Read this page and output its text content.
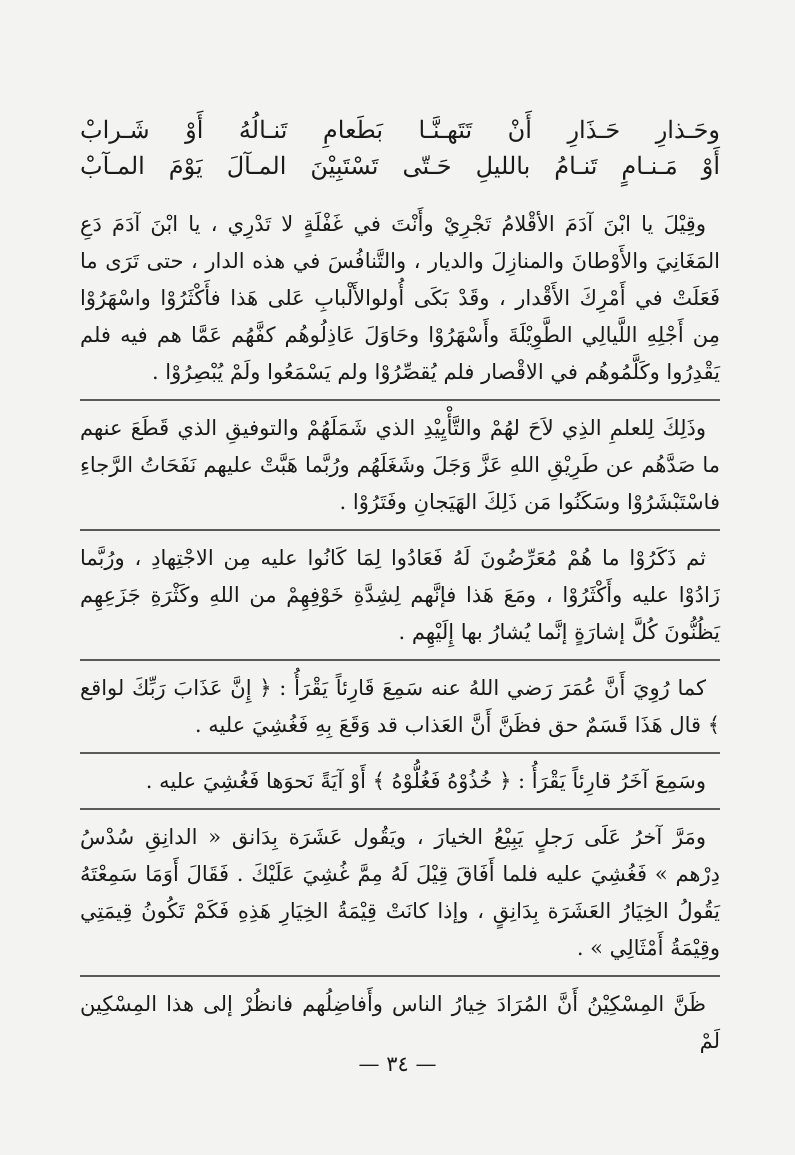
وحَـذارِ حَـذَارِ أَنْ تَتَهـنَّـا بَطَعامِ تَنـالُهُ أَوْ شَـرابْ
أَوْ مَـنـامٍ تَنـامُ بالليلِ حَـتّى تَسْتَبِيْنَ المـآلَ يَوْمَ المـآبْ

وقِيْلَ يا ابْنَ آدَمَ الأقْلامُ تَجْرِيْ وأَنْتَ في غَفْلَةٍ لا تَدْرِي ، يا ابْنَ آدَمَ دَعِ المَغَانِيَ والأَوْطانَ والمنازِلَ والديار ، والتَّنافُسَ في هذه الدار ، حتى تَرَى ما فَعَلَتْ في أَمْرِكَ الأَقْدار ، وقَدْ بَكَى أُولوالأَلْبابِ عَلى هَذا فأَكْثَرُوْا واسْهَرُوْا مِن أَجْلِهِ اللَّيالِي الطَّوِيْلَةَ وأَسْهَرُوْا وحَاوَلَ عَاذِلُوهُم كفَّهُم عَمَّا هم فيه فلم يَقْدِرُوا وكَلَّمُوهُم في الاقْصار فلم يُقصِّرُوْا ولم يَسْمَعُوا ولَمْ يُبْصِرُوْا .

وذَلِكَ لِلعلمِ الذِي لاَحَ لهُمْ والتَّأْيِيْدِ الذي شَمَلَهُمْ والتوفيقِ الذي قَطَعَ عنهم ما صَدَّهُم عن طَرِيْقِ اللهِ عَزَّ وَجَلَ وشَغَلَهُم ورُبَّما هَبَّتْ عليهم نَفَحَاتُ الرَّجاءِ فاسْتَبْشَرُوْا وسَكَنُوا مَن ذَلِكَ الهَيَجانِ وفَتَرُوْا .

ثم ذَكَرُوْا ما هُمْ مُعَرِّضُونَ لَهُ فَعَادُوا لِمَا كَانُوا عليه مِن الاجْتِهادِ ، ورُبَّما زَادُوْا عليه وأَكْثَرُوْا ، ومَعَ هَذا فإنَّهم لِشِدَّةِ خَوْفِهِمْ من اللهِ وكَثْرَةِ جَزَعِهِم يَظُنُّونَ كُلَّ إشارَةٍ إنَّما يُشارُ بها إِلَيْهِم .

كما رُوِيَ أَنَّ عُمَرَ رَضي اللهُ عنه سَمِعَ قَارِئاً يَقْرَأُ : ﴿ إِنَّ عَذَابَ رَبِّكَ لواقع ﴾ قال هَذَا قَسَمٌ حق فظَنَّ أَنَّ العَذاب قد وَقَعَ بِهِ فَغُشِيَ عليه .

وسَمِعَ آخَرُ قارِئاً يَقْرَأُ : ﴿ خُذُوْهُ فَغُلُّوْهُ ﴾ أَوْ آيَةً نَحوَها فَغُشِيَ عليه .

ومَرَّ آخرُ عَلَى رَجلٍ يَبِيْعُ الخيارَ ، ويَقُول عَشَرَة بِدَانق « الدانِقِ سُدْسُ دِرْهم » فَغُشِيَ عليه فلما أَفَاقَ قِيْلَ لَهُ مِمَّ غُشِيَ عَلَيْكَ . فَقَالَ أَوَمَا سَمِعْتَهُ يَقُولُ الخِيَارُ العَشَرَة بِدَانِقٍ ، وإذا كانَتْ قِيْمَةُ الخِيَارِ هَذِهِ فَكَمْ تَكُونُ قِيمَتِي وقِيْمَةُ أَمْثَالِي » .

ظَنَّ المِسْكِيْنُ أَنَّ المُرَادَ خِيارُ الناس وأَفاضِلُهم فانظُرْ إلى هذا المِسْكِين لَمْ

— ٣٤ —
